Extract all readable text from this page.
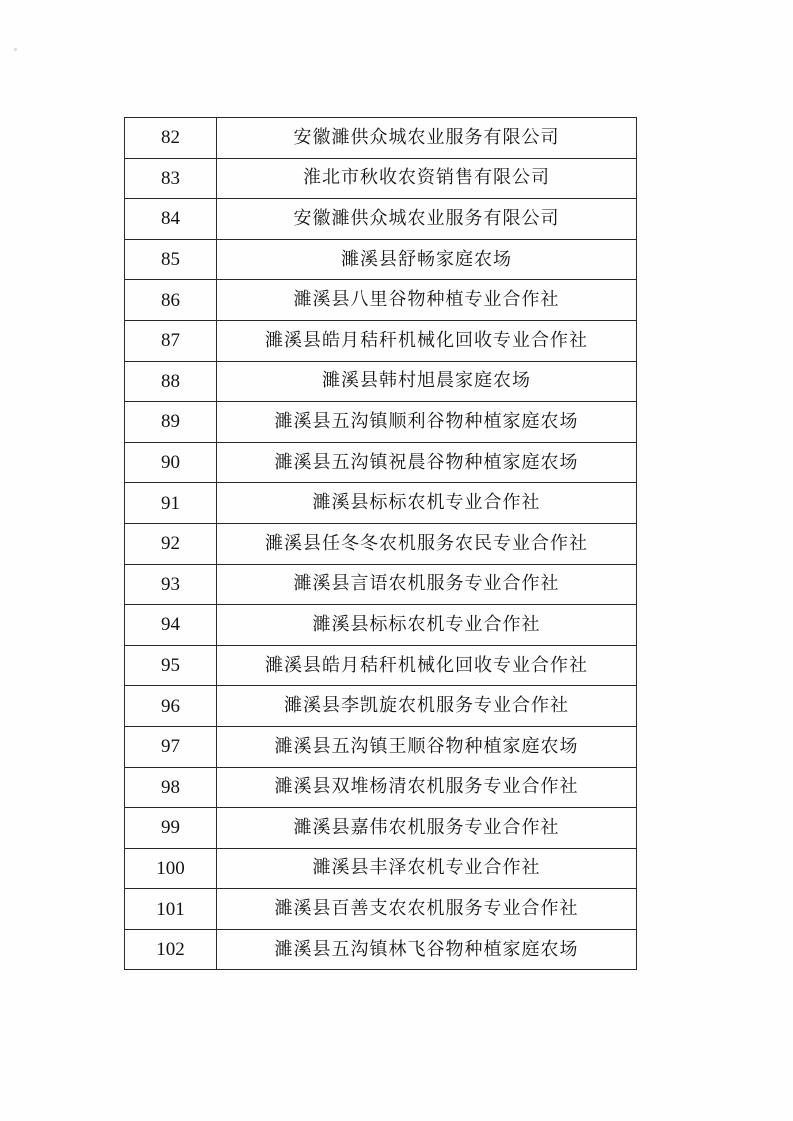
82	安徽濉供众城农业服务有限公司
83	淮北市秋收农资销售有限公司
84	安徽濉供众城农业服务有限公司
85	濉溪县舒畅家庭农场
86	濉溪县八里谷物种植专业合作社
87	濉溪县皓月秸秆机械化回收专业合作社
88	濉溪县韩村旭晨家庭农场
89	濉溪县五沟镇顺利谷物种植家庭农场
90	濉溪县五沟镇祝晨谷物种植家庭农场
91	濉溪县标标农机专业合作社
92	濉溪县任冬冬农机服务农民专业合作社
93	濉溪县言语农机服务专业合作社
94	濉溪县标标农机专业合作社
95	濉溪县皓月秸秆机械化回收专业合作社
96	濉溪县李凯旋农机服务专业合作社
97	濉溪县五沟镇王顺谷物种植家庭农场
98	濉溪县双堆杨清农机服务专业合作社
99	濉溪县嘉伟农机服务专业合作社
100	濉溪县丰泽农机专业合作社
101	濉溪县百善支农农机服务专业合作社
102	濉溪县五沟镇林飞谷物种植家庭农场
